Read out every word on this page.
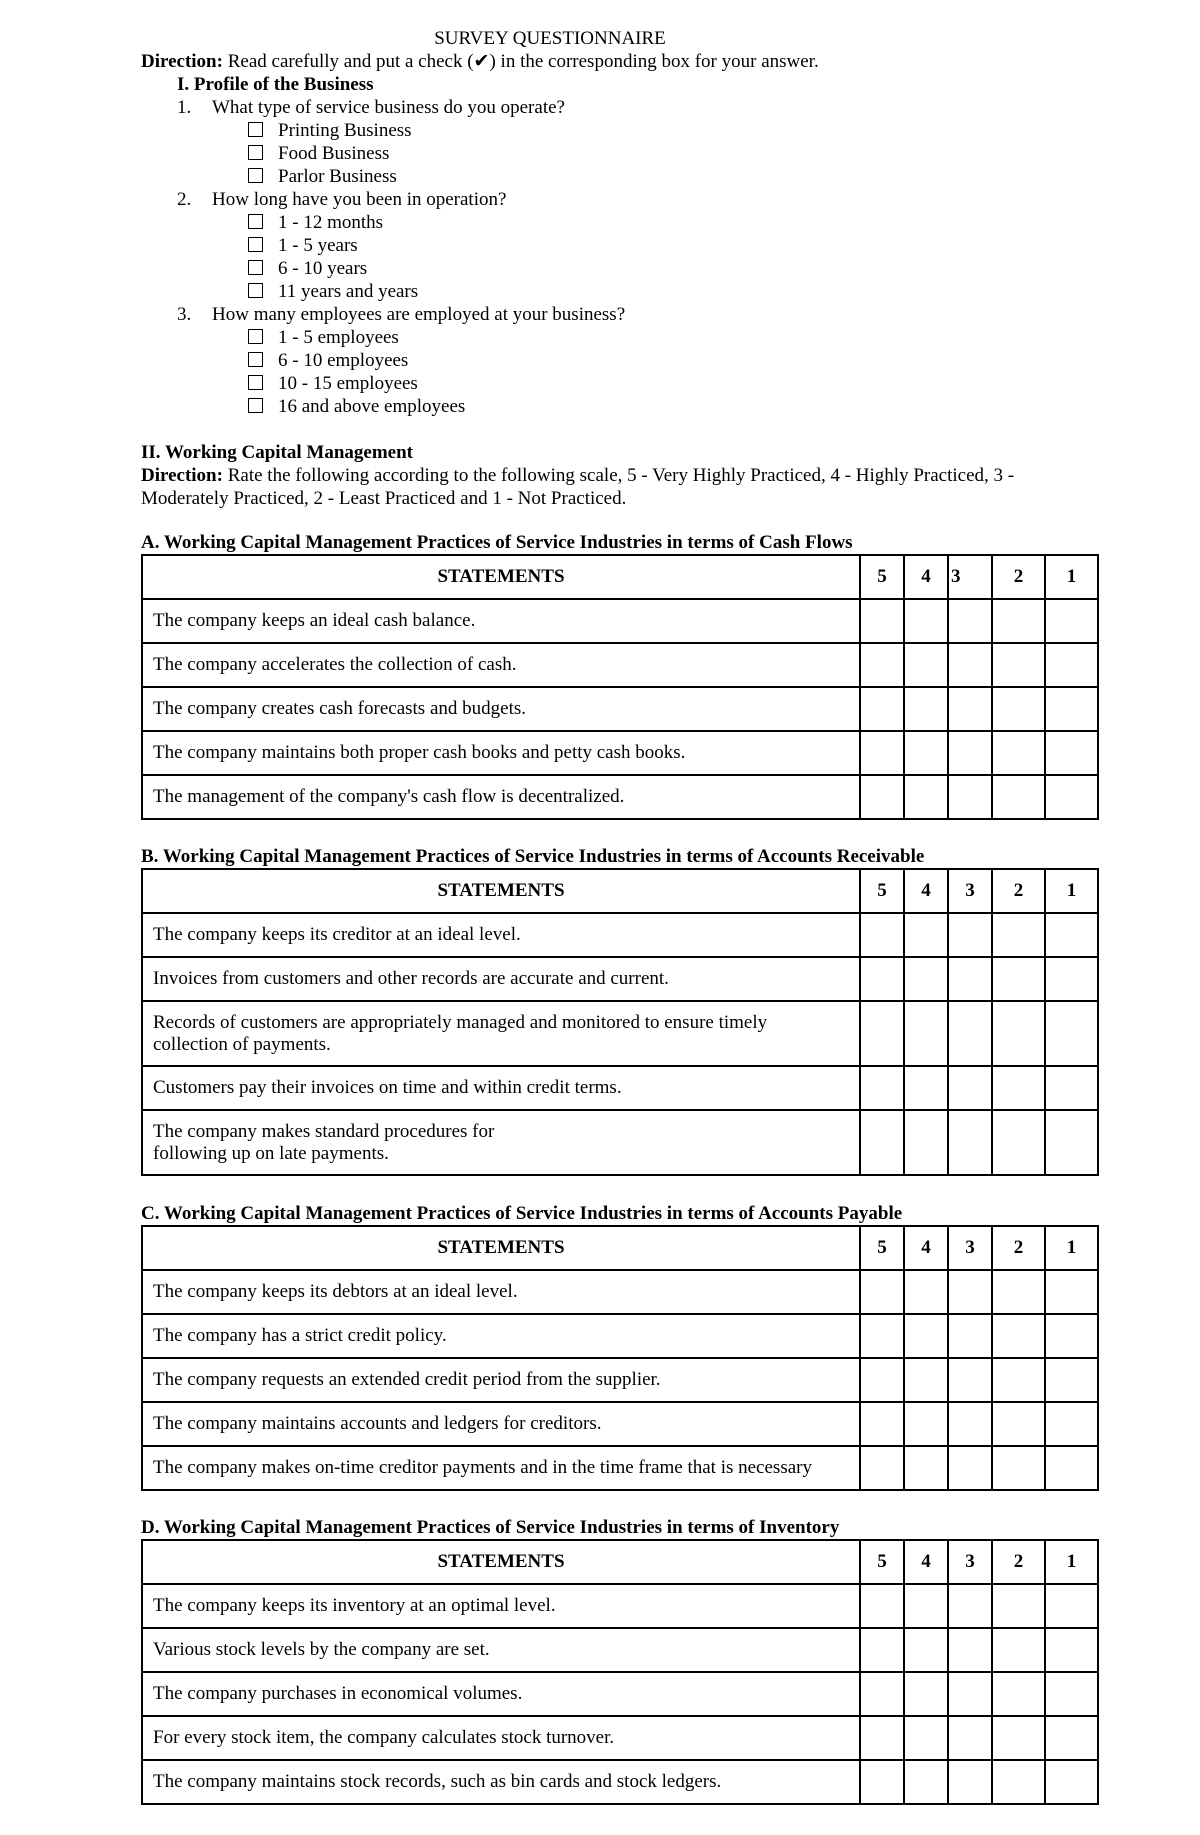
SURVEY QUESTIONNAIRE
Direction: Read carefully and put a check (✔) in the corresponding box for your answer.
I. Profile of the Business
1. What type of service business do you operate?
Printing Business
Food Business
Parlor Business
2. How long have you been in operation?
1 - 12 months
1 - 5 years
6 - 10 years
11 years and years
3. How many employees are employed at your business?
1 - 5 employees
6 - 10 employees
10 - 15 employees
16 and above employees
II. Working Capital Management
Direction: Rate the following according to the following scale, 5 - Very Highly Practiced, 4 - Highly Practiced, 3 -
Moderately Practiced, 2 - Least Practiced and 1 - Not Practiced.
A. Working Capital Management Practices of Service Industries in terms of Cash Flows
STATEMENTS	5	4	3	2	1
The company keeps an ideal cash balance.					
The company accelerates the collection of cash.					
The company creates cash forecasts and budgets.					
The company maintains both proper cash books and petty cash books.					
The management of the company's cash flow is decentralized.					
B. Working Capital Management Practices of Service Industries in terms of Accounts Receivable
STATEMENTS	5	4	3	2	1
The company keeps its creditor at an ideal level.					
Invoices from customers and other records are accurate and current.					

Records of customers are appropriately managed and monitored to ensure timely
collection of payments.					

Customers pay their invoices on time and within credit terms.					

The company makes standard procedures for
following up on late payments.					

C. Working Capital Management Practices of Service Industries in terms of Accounts Payable
STATEMENTS	5	4	3	2	1
The company keeps its debtors at an ideal level.					
The company has a strict credit policy.					
The company requests an extended credit period from the supplier.					
The company maintains accounts and ledgers for creditors.					
The company makes on-time creditor payments and in the time frame that is necessary					
D. Working Capital Management Practices of Service Industries in terms of Inventory
STATEMENTS	5	4	3	2	1
The company keeps its inventory at an optimal level.					
Various stock levels by the company are set.					
The company purchases in economical volumes.					
For every stock item, the company calculates stock turnover.					
The company maintains stock records, such as bin cards and stock ledgers.					
